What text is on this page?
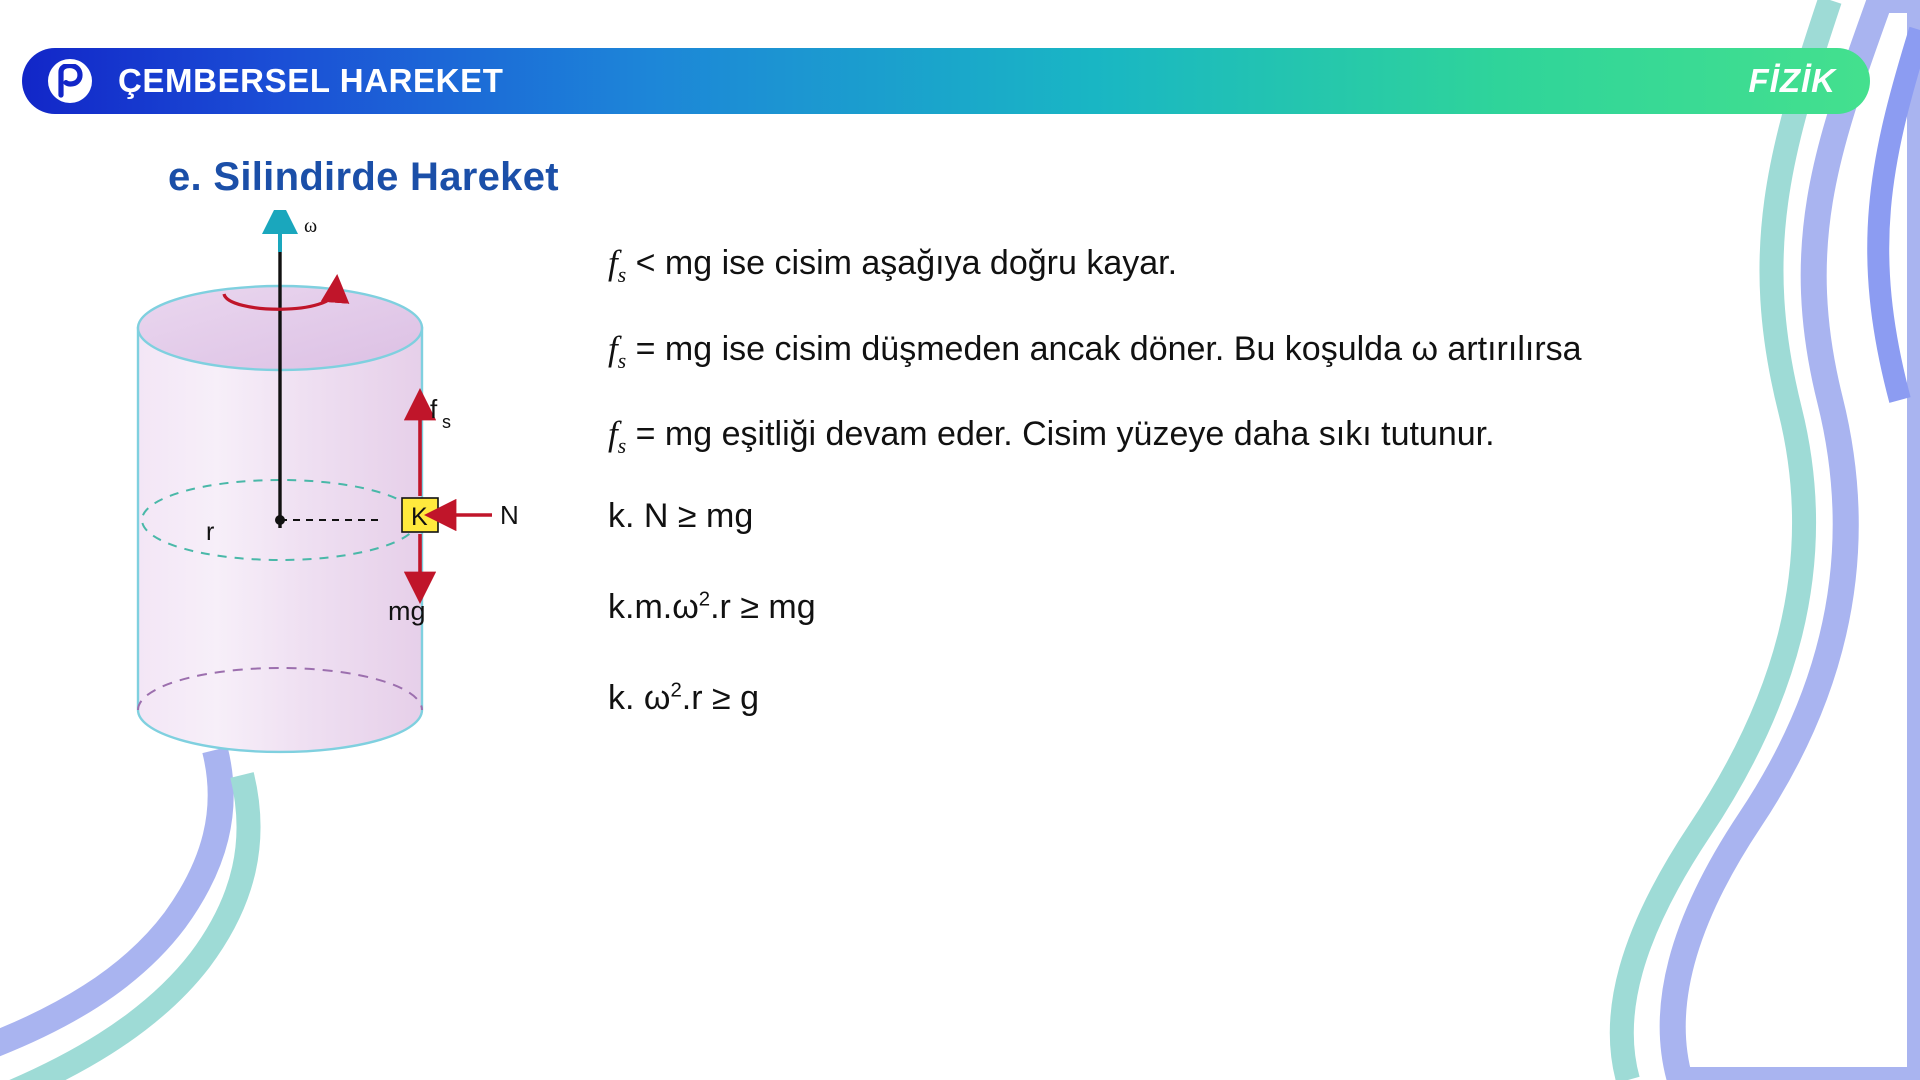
ÇEMBERSEL HAREKET	FİZİK
e. Silindirde Hareket
ω
r
K
f s
N
mg
$f_s$ < mg ise cisim aşağıya doğru kayar.
$f_s$ = mg ise cisim düşmeden ancak döner. Bu koşulda ω artırılırsa
$f_s$ = mg eşitliği devam eder. Cisim yüzeye daha sıkı tutunur.
k. N ≥ mg
$k.m.\omega^2.r$ ≥ mg
k. $\omega^2.r \ge g$
